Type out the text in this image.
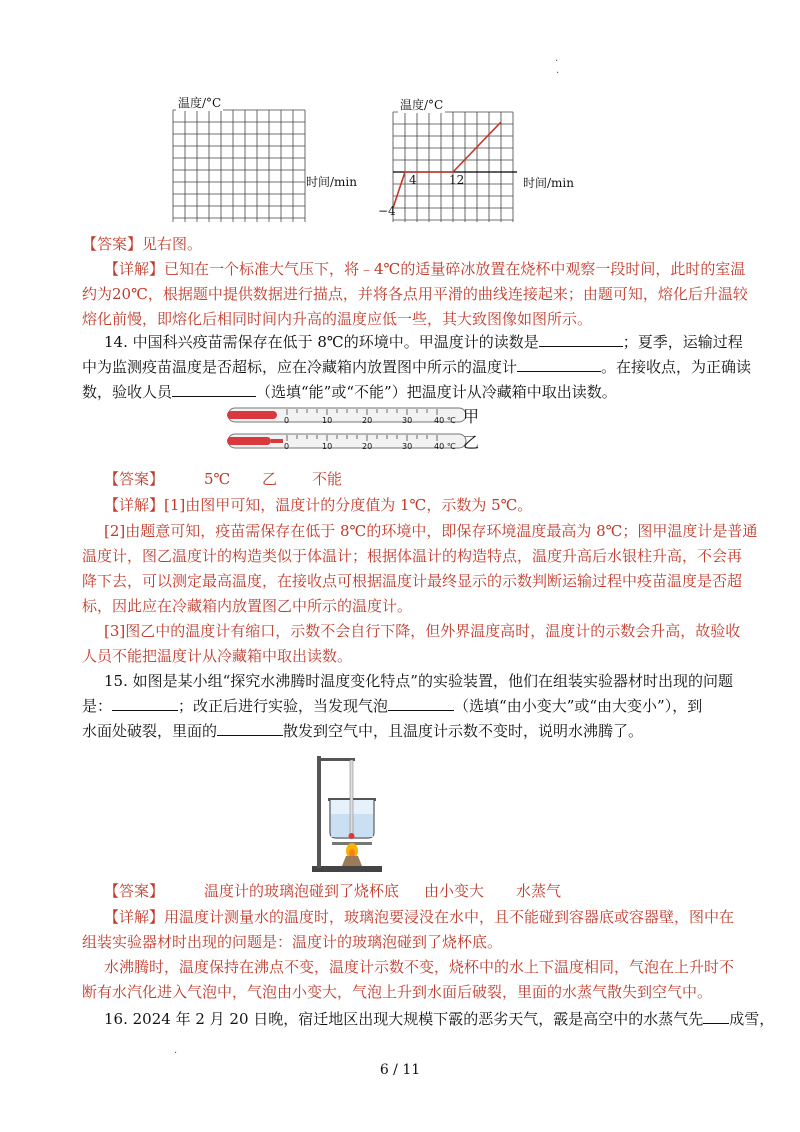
·
·
温度/°C
时间/min
温度/°C
时间/min
4	12
−4
【答案】见右图。
【详解】已知在一个标准大气压下，将﹣4℃的适量碎冰放置在烧杯中观察一段时间，此时的室温
约为20℃，根据题中提供数据进行描点，并将各点用平滑的曲线连接起来；由题可知，熔化后升温较
熔化前慢，即熔化后相同时间内升高的温度应低一些，其大致图像如图所示。
14. 中国科兴疫苗需保存在低于 8℃的环境中。甲温度计的读数是	；夏季，运输过程
中为监测疫苗温度是否超标，应在冷藏箱内放置图中所示的温度计	。在接收点，为正确读
数，验收人员	（选填“能”或“不能”）把温度计从冷藏箱中取出读数。
0	10	20	30	40 ℃ 甲
0	10	20	30	40 ℃ 乙
【答案】	5℃ 乙 不能
【详解】[1]由图甲可知，温度计的分度值为 1℃，示数为 5℃。
[2]由题意可知，疫苗需保存在低于 8℃的环境中，即保存环境温度最高为 8℃；图甲温度计是普通
温度计，图乙温度计的构造类似于体温计；根据体温计的构造特点，温度升高后水银柱升高，不会再
降下去，可以测定最高温度，在接收点可根据温度计最终显示的示数判断运输过程中疫苗温度是否超
标，因此应在冷藏箱内放置图乙中所示的温度计。
[3]图乙中的温度计有缩口，示数不会自行下降，但外界温度高时，温度计的示数会升高，故验收
人员不能把温度计从冷藏箱中取出读数。
15. 如图是某小组“探究水沸腾时温度变化特点”的实验装置，他们在组装实验器材时出现的问题
是：	；改正后进行实验，当发现气泡	（选填“由小变大”或“由大变小”），到
水面处破裂，里面的	散发到空气中，且温度计示数不变时，说明水沸腾了。
【答案】	温度计的玻璃泡碰到了烧杯底 由小变大 水蒸气
【详解】用温度计测量水的温度时，玻璃泡要浸没在水中，且不能碰到容器底或容器壁，图中在
组装实验器材时出现的问题是：温度计的玻璃泡碰到了烧杯底。
水沸腾时，温度保持在沸点不变，温度计示数不变，烧杯中的水上下温度相同，气泡在上升时不
断有水汽化进入气泡中，气泡由小变大，气泡上升到水面后破裂，里面的水蒸气散失到空气中。
16. 2024 年 2 月 20 日晚，宿迁地区出现大规模下霰的恶劣天气，霰是高空中的水蒸气先 成雪，
·
6 / 11
